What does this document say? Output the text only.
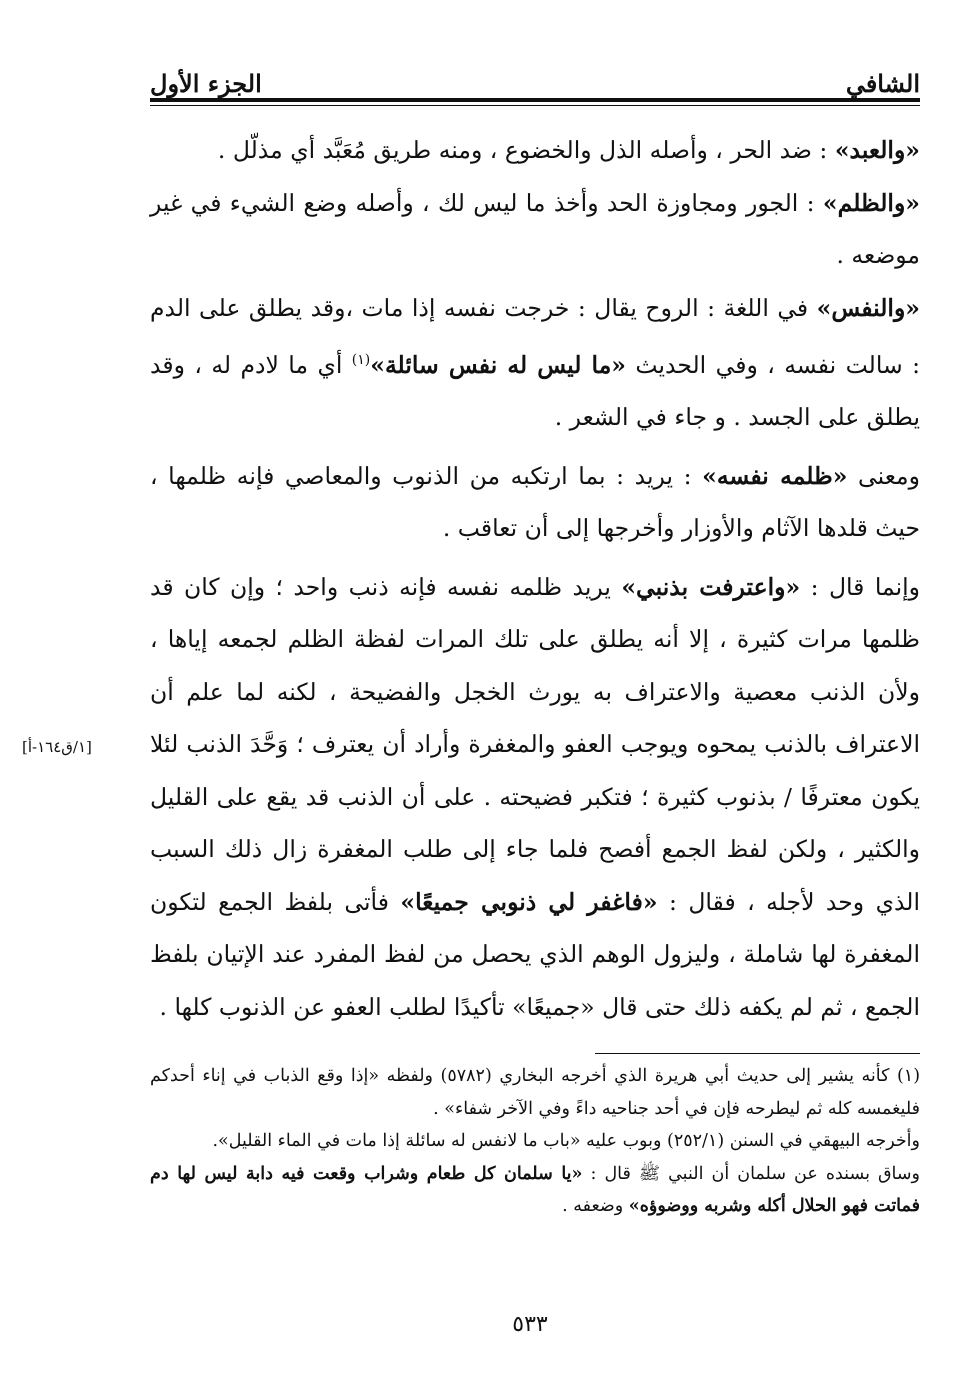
الشافي
الجزء الأول

«والعبد» : ضد الحر ، وأصله الذل والخضوع ، ومنه طريق مُعَبَّد أي مذلّل .

«والظلم» : الجور ومجاوزة الحد وأخذ ما ليس لك ، وأصله وضع الشيء في غير موضعه .

«والنفس» في اللغة : الروح يقال : خرجت نفسه إذا مات ،وقد يطلق على الدم : سالت نفسه ، وفي الحديث «ما ليس له نفس سائلة»$^{(١)}$ أي ما لادم له ، وقد يطلق على الجسد . و جاء في الشعر .

ومعنى «ظلمه نفسه» : يريد : بما ارتكبه من الذنوب والمعاصي فإنه ظلمها ، حيث قلدها الآثام والأوزار وأخرجها إلى أن تعاقب .

وإنما قال : «واعترفت بذنبي» يريد ظلمه نفسه فإنه ذنب واحد ؛ وإن كان قد ظلمها مرات كثيرة ، إلا أنه يطلق على تلك المرات لفظة الظلم لجمعه إياها ، ولأن الذنب معصية والاعتراف به يورث الخجل والفضيحة ، لكنه لما علم أن الاعتراف بالذنب يمحوه ويوجب العفو والمغفرة وأراد أن يعترف ؛ وَحَّدَ الذنب لئلا يكون معترفًا / بذنوب كثيرة ؛ فتكبر فضيحته . على أن الذنب قد يقع على القليل والكثير ، ولكن لفظ الجمع أفصح فلما جاء إلى طلب المغفرة زال ذلك السبب الذي وحد لأجله ، فقال : «فاغفر لي ذنوبي جميعًا» فأتى بلفظ الجمع لتكون المغفرة لها شاملة ، وليزول الوهم الذي يحصل من لفظ المفرد عند الإتيان بلفظ الجمع ، ثم لم يكفه ذلك حتى قال «جميعًا» تأكيدًا لطلب العفو عن الذنوب كلها .

[١/ق١٦٤-أ]

(١) كأنه يشير إلى حديث أبي هريرة الذي أخرجه البخاري (٥٧٨٢) ولفظه «إذا وقع الذباب في إناء أحدكم فليغمسه كله ثم ليطرحه فإن في أحد جناحيه داءً وفي الآخر شفاء» .

وأخرجه البيهقي في السنن (٢٥٢/١) وبوب عليه «باب ما لانفس له سائلة إذا مات في الماء القليل».

وساق بسنده عن سلمان أن النبي ﷺ قال : «يا سلمان كل طعام وشراب وقعت فيه دابة ليس لها دم فماتت فهو الحلال أكله وشربه ووضوؤه» وضعفه .

٥٣٣
